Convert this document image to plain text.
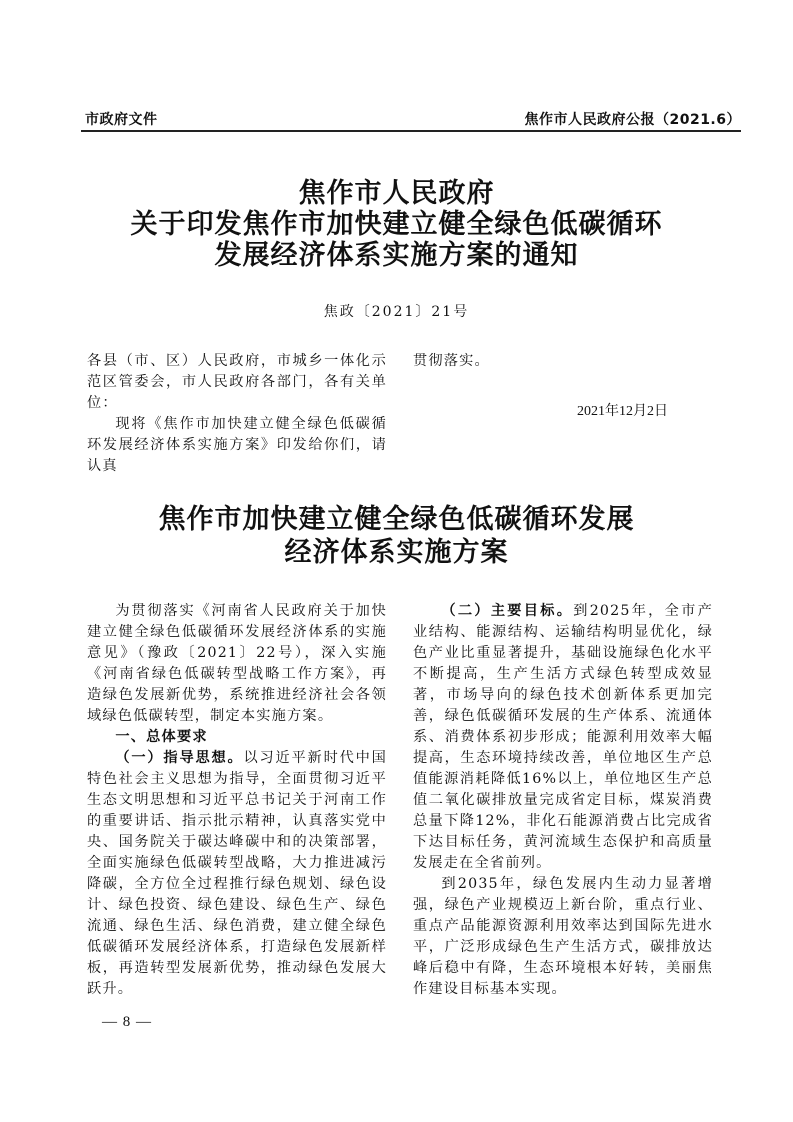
市政府文件	焦作市人民政府公报（2021.6）
焦作市人民政府
关于印发焦作市加快建立健全绿色低碳循环
发展经济体系实施方案的通知
焦政〔2021〕21号

各县（市、区）人民政府，市城乡一体化示范区管委会，市人民政府各部门，各有关单位：

现将《焦作市加快建立健全绿色低碳循环发展经济体系实施方案》印发给你们，请认真

贯彻落实。

2021年12月2日
焦作市加快建立健全绿色低碳循环发展
经济体系实施方案

为贯彻落实《河南省人民政府关于加快建立健全绿色低碳循环发展经济体系的实施意见》（豫政〔2021〕22号），深入实施《河南省绿色低碳转型战略工作方案》，再造绿色发展新优势，系统推进经济社会各领域绿色低碳转型，制定本实施方案。

一、总体要求

（一）指导思想。以习近平新时代中国特色社会主义思想为指导，全面贯彻习近平生态文明思想和习近平总书记关于河南工作的重要讲话、指示批示精神，认真落实党中央、国务院关于碳达峰碳中和的决策部署，全面实施绿色低碳转型战略，大力推进减污降碳，全方位全过程推行绿色规划、绿色设计、绿色投资、绿色建设、绿色生产、绿色流通、绿色生活、绿色消费，建立健全绿色低碳循环发展经济体系，打造绿色发展新样板，再造转型发展新优势，推动绿色发展大跃升。

（二）主要目标。到2025年，全市产业结构、能源结构、运输结构明显优化，绿色产业比重显著提升，基础设施绿色化水平不断提高，生产生活方式绿色转型成效显著，市场导向的绿色技术创新体系更加完善，绿色低碳循环发展的生产体系、流通体系、消费体系初步形成；能源利用效率大幅提高，生态环境持续改善，单位地区生产总值能源消耗降低16%以上，单位地区生产总值二氧化碳排放量完成省定目标，煤炭消费总量下降12%，非化石能源消费占比完成省下达目标任务，黄河流域生态保护和高质量发展走在全省前列。

到2035年，绿色发展内生动力显著增强，绿色产业规模迈上新台阶，重点行业、重点产品能源资源利用效率达到国际先进水平，广泛形成绿色生产生活方式，碳排放达峰后稳中有降，生态环境根本好转，美丽焦作建设目标基本实现。

— 8 —
